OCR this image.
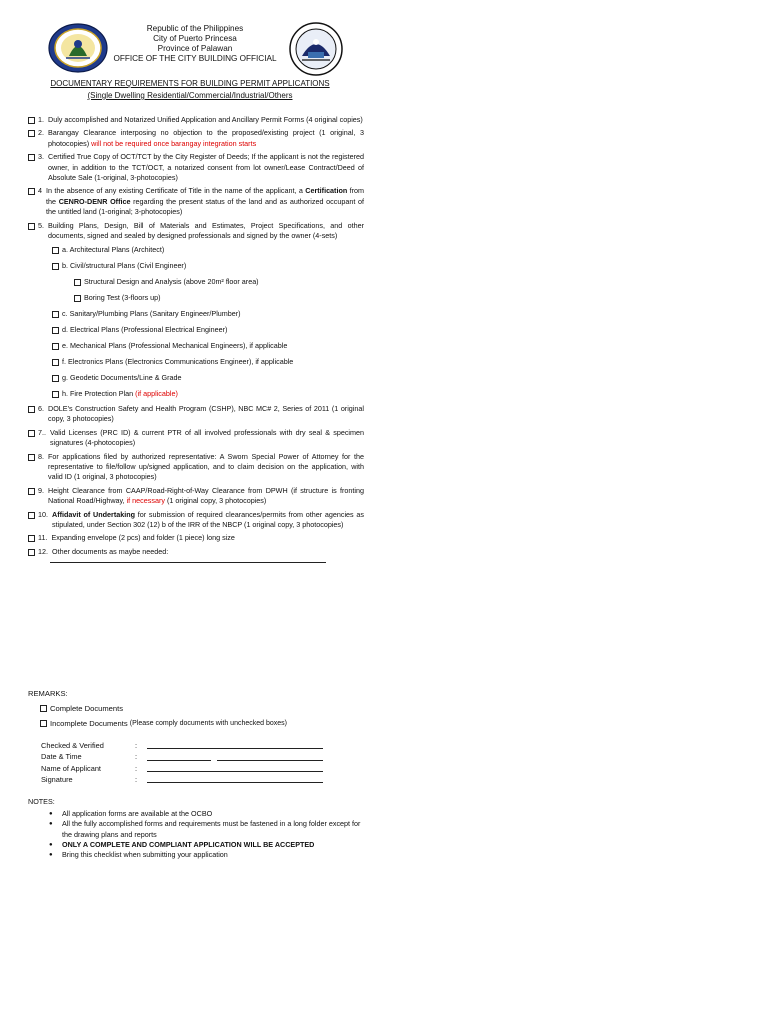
Republic of the Philippines
City of Puerto Princesa
Province of Palawan
OFFICE OF THE CITY BUILDING OFFICIAL
DOCUMENTARY REQUIREMENTS FOR BUILDING PERMIT APPLICATIONS
(Single Dwelling Residential/Commercial/Industrial/Others
1. Duly accomplished and Notarized Unified Application and Ancillary Permit Forms (4 original copies)
2. Barangay Clearance interposing no objection to the proposed/existing project (1 original, 3 photocopies) will not be required once barangay integration starts
3. Certified True Copy of OCT/TCT by the City Register of Deeds; If the applicant is not the registered owner, in addition to the TCT/OCT, a notarized consent from lot owner/Lease Contract/Deed of Absolute Sale (1-original, 3-photocopies)
4 In the absence of any existing Certificate of Title in the name of the applicant, a Certification from the CENRO-DENR Office regarding the present status of the land and as authorized occupant of the untitled land (1-original; 3-photocopies)
5. Building Plans, Design, Bill of Materials and Estimates, Project Specifications, and other documents, signed and sealed by designed professionals and signed by the owner (4-sets)
a. Architectural Plans (Architect)
b. Civil/structural Plans (Civil Engineer)
Structural Design and Analysis (above 20m² floor area)
Boring Test (3-floors up)
c. Sanitary/Plumbing Plans (Sanitary Engineer/Plumber)
d. Electrical Plans (Professional Electrical Engineer)
e. Mechanical Plans (Professional Mechanical Engineers), if applicable
f. Electronics Plans (Electronics Communications Engineer), if applicable
g. Geodetic Documents/Line & Grade
h. Fire Protection Plan
(if applicable)
6. DOLE's Construction Safety and Health Program (CSHP), NBC MC# 2, Series of 2011 (1 original copy, 3 photocopies)
7.. Valid Licenses (PRC ID) & current PTR of all involved professionals with dry seal & specimen signatures (4-photocopies)
8. For applications filed by authorized representative: A Sworn Special Power of Attorney for the representative to file/follow up/signed application, and to claim decision on the application, with valid ID (1 original, 3 photocopies)
9. Height Clearance from CAAP/Road-Right-of-Way Clearance from DPWH (if structure is fronting National Road/Highway, if necessary (1 original copy, 3 photocopies)
10. Affidavit of Undertaking for submission of required clearances/permits from other agencies as stipulated, under Section 302 (12) b of the IRR of the NBCP (1 original copy, 3 photocopies)
11. Expanding envelope (2 pcs) and folder (1 piece) long size
12. Other documents as maybe needed:
REMARKS:
Complete Documents
Incomplete Documents
(Please comply documents with unchecked boxes)
Checked & Verified	:
Date & Time	:
Name of Applicant	:
Signature	:
NOTES:
● All application forms are available at the OCBO
● All the fully accomplished forms and requirements must be fastened in a long folder except for the drawing plans and reports
● ONLY A COMPLETE AND COMPLIANT APPLICATION WILL BE ACCEPTED
● Bring this checklist when submitting your application
